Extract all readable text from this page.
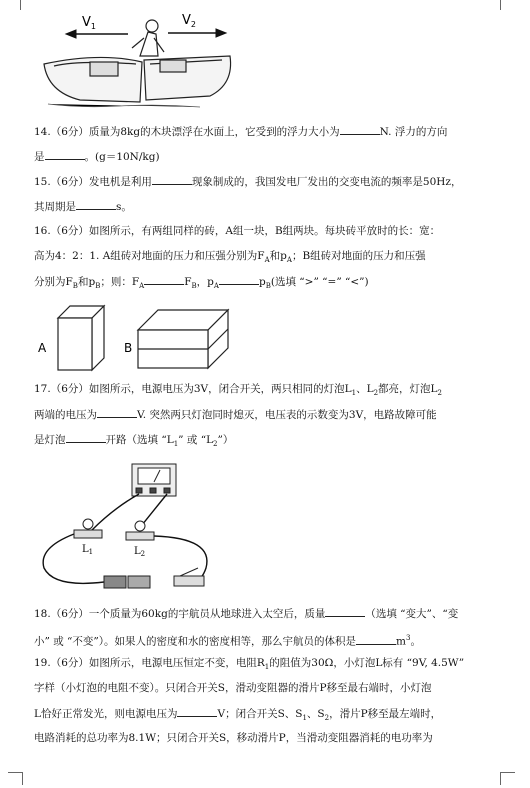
$V_1$	$V_2$
14.（6分）质量为8kg的木块漂浮在水面上，它受到的浮力大小为	N. 浮力的方向
是	。(g＝10N/kg)
15.（6分）发电机是利用	现象制成的，我国发电厂发出的交变电流的频率是50Hz，
其周期是	s。
16.（6分）如图所示，有两组同样的砖，A组一块，B组两块。每块砖平放时的长：宽：
高为4：2：1. A组砖对地面的压力和压强分别为$F_A$和$p_A$；B组砖对地面的压力和压强
分别为$F_B$和$p_B$；则：$F_A$	$F_B$，$p_A$	$p_B$(选填 “>” “=” “<”)
A	B
17.（6分）如图所示，电源电压为3V，闭合开关，两只相同的灯泡$L_1$、$L_2$都亮，灯泡$L_2$
两端的电压为	V. 突然两只灯泡同时熄灭，电压表的示数变为3V，电路故障可能
是灯泡	开路（选填 “$L_1$” 或 “$L_2$”）
$L_1$	$L_2$
18.（6分）一个质量为60kg的宇航员从地球进入太空后，质量	（选填 “变大”、“变
小” 或 “不变”）。如果人的密度和水的密度相等，那么宇航员的体积是	$m^3$。
19.（6分）如图所示，电源电压恒定不变，电阻$R_1$的阻值为30Ω，小灯泡L标有 “9V, 4.5W”
字样（小灯泡的电阻不变）。只闭合开关S，滑动变阻器的滑片P移至最右端时，小灯泡
L恰好正常发光，则电源电压为	V；闭合开关S、$S_1$、$S_2$，滑片P移至最左端时，
电路消耗的总功率为8.1W；只闭合开关S，移动滑片P，当滑动变阻器消耗的电功率为
